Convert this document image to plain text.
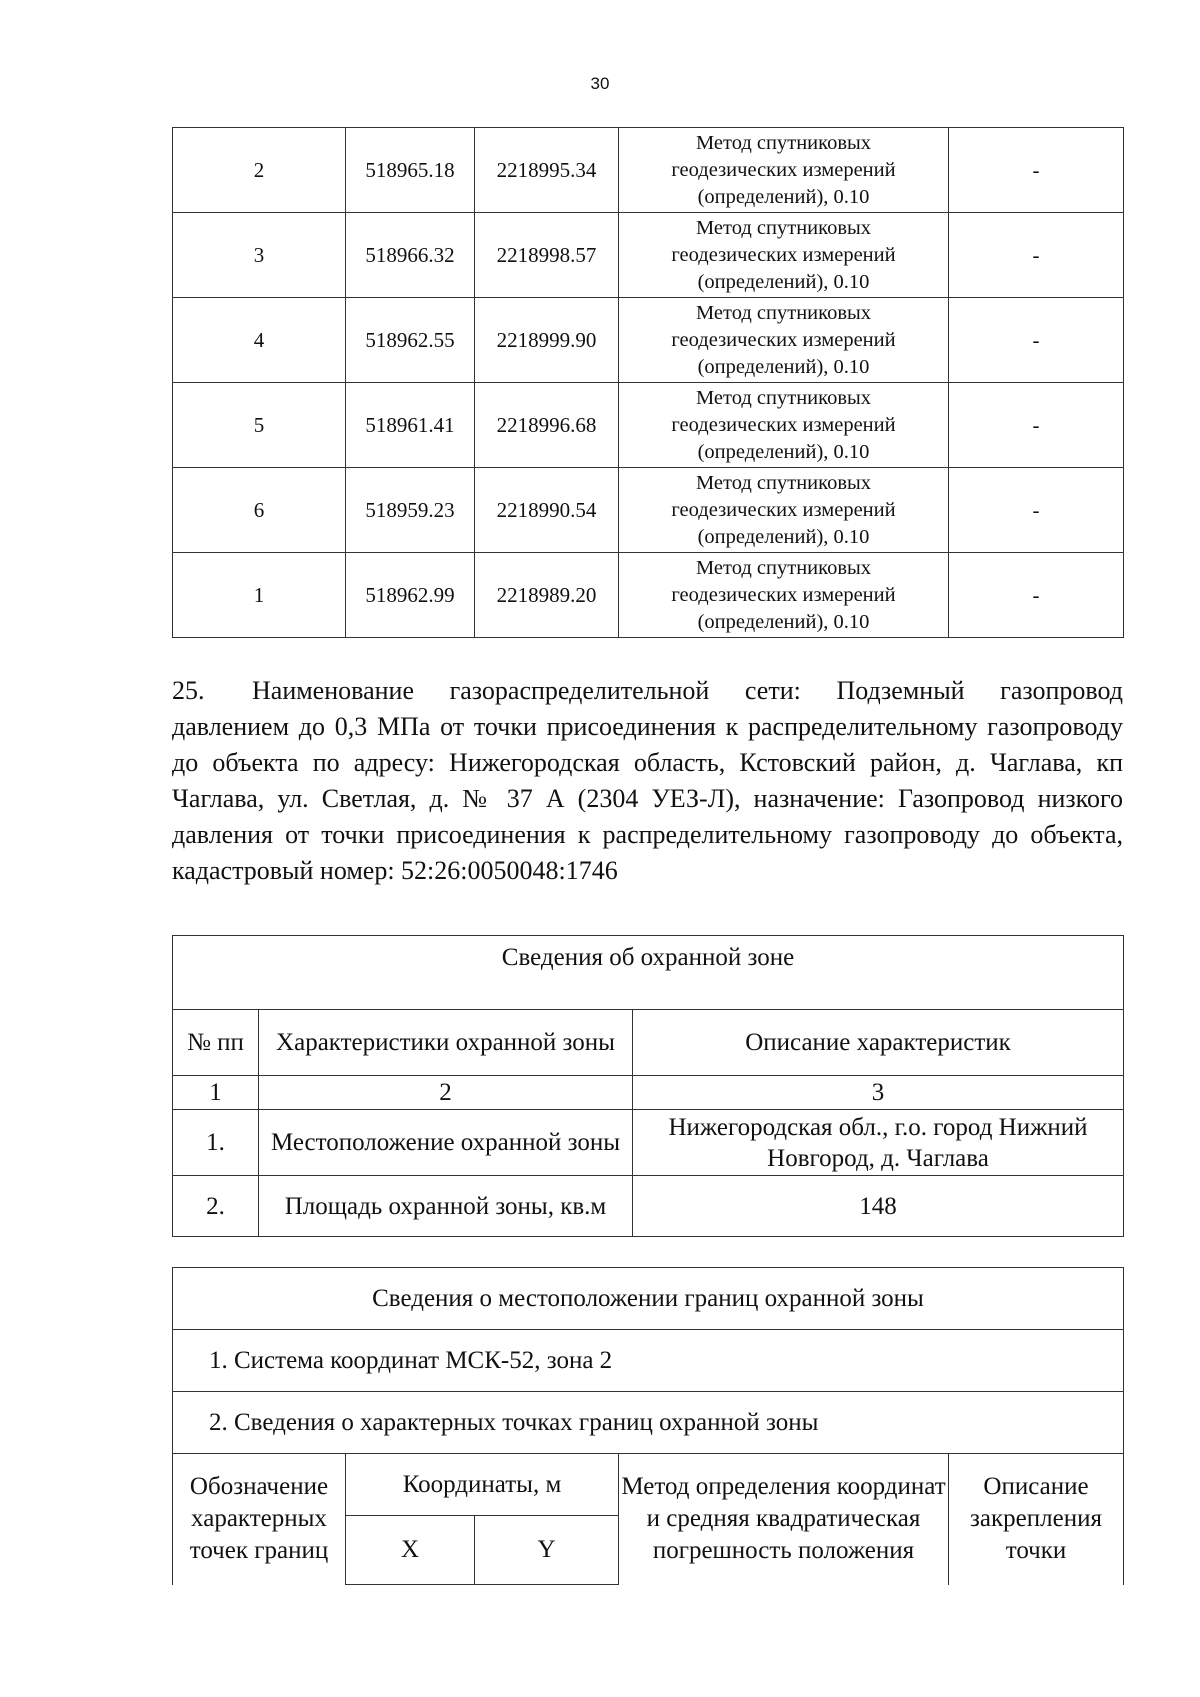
30
2	518965.18	2218995.34	Метод спутниковых
геодезических измерений
(определений), 0.10	-
3	518966.32	2218998.57	Метод спутниковых
геодезических измерений
(определений), 0.10	-
4	518962.55	2218999.90	Метод спутниковых
геодезических измерений
(определений), 0.10	-
5	518961.41	2218996.68	Метод спутниковых
геодезических измерений
(определений), 0.10	-
6	518959.23	2218990.54	Метод спутниковых
геодезических измерений
(определений), 0.10	-
1	518962.99	2218989.20	Метод спутниковых
геодезических измерений
(определений), 0.10	-

25. Наименование газораспределительной сети: Подземный газопровод давлением до 0,3 МПа от точки присоединения к распределительному газопроводу до объекта по адресу: Нижегородская область, Кстовский район, д. Чаглава, кп Чаглава, ул. Светлая, д. № 37 А (2304 УЕЗ-Л), назначение: Газопровод низкого давления от точки присоединения к распределительному газопроводу до объекта, кадастровый номер: 52:26:0050048:1746

Сведения об охранной зоне		
№ пп	Характеристики охранной зоны	Описание характеристик
1	2	3
1.	Местоположение охранной зоны	Нижегородская обл., г.о. город Нижний Новгород, д. Чаглава
2.	Площадь охранной зоны, кв.м	148
Сведения о местоположении границ охранной зоны				
1. Система координат МСК-52, зона 2				
2. Сведения о характерных точках границ охранной зоны				
Обозначение характерных точек границ	Координаты, м		Метод определения координат и средняя квадратическая погрешность положения	Описание закрепления точки
	X	Y		
